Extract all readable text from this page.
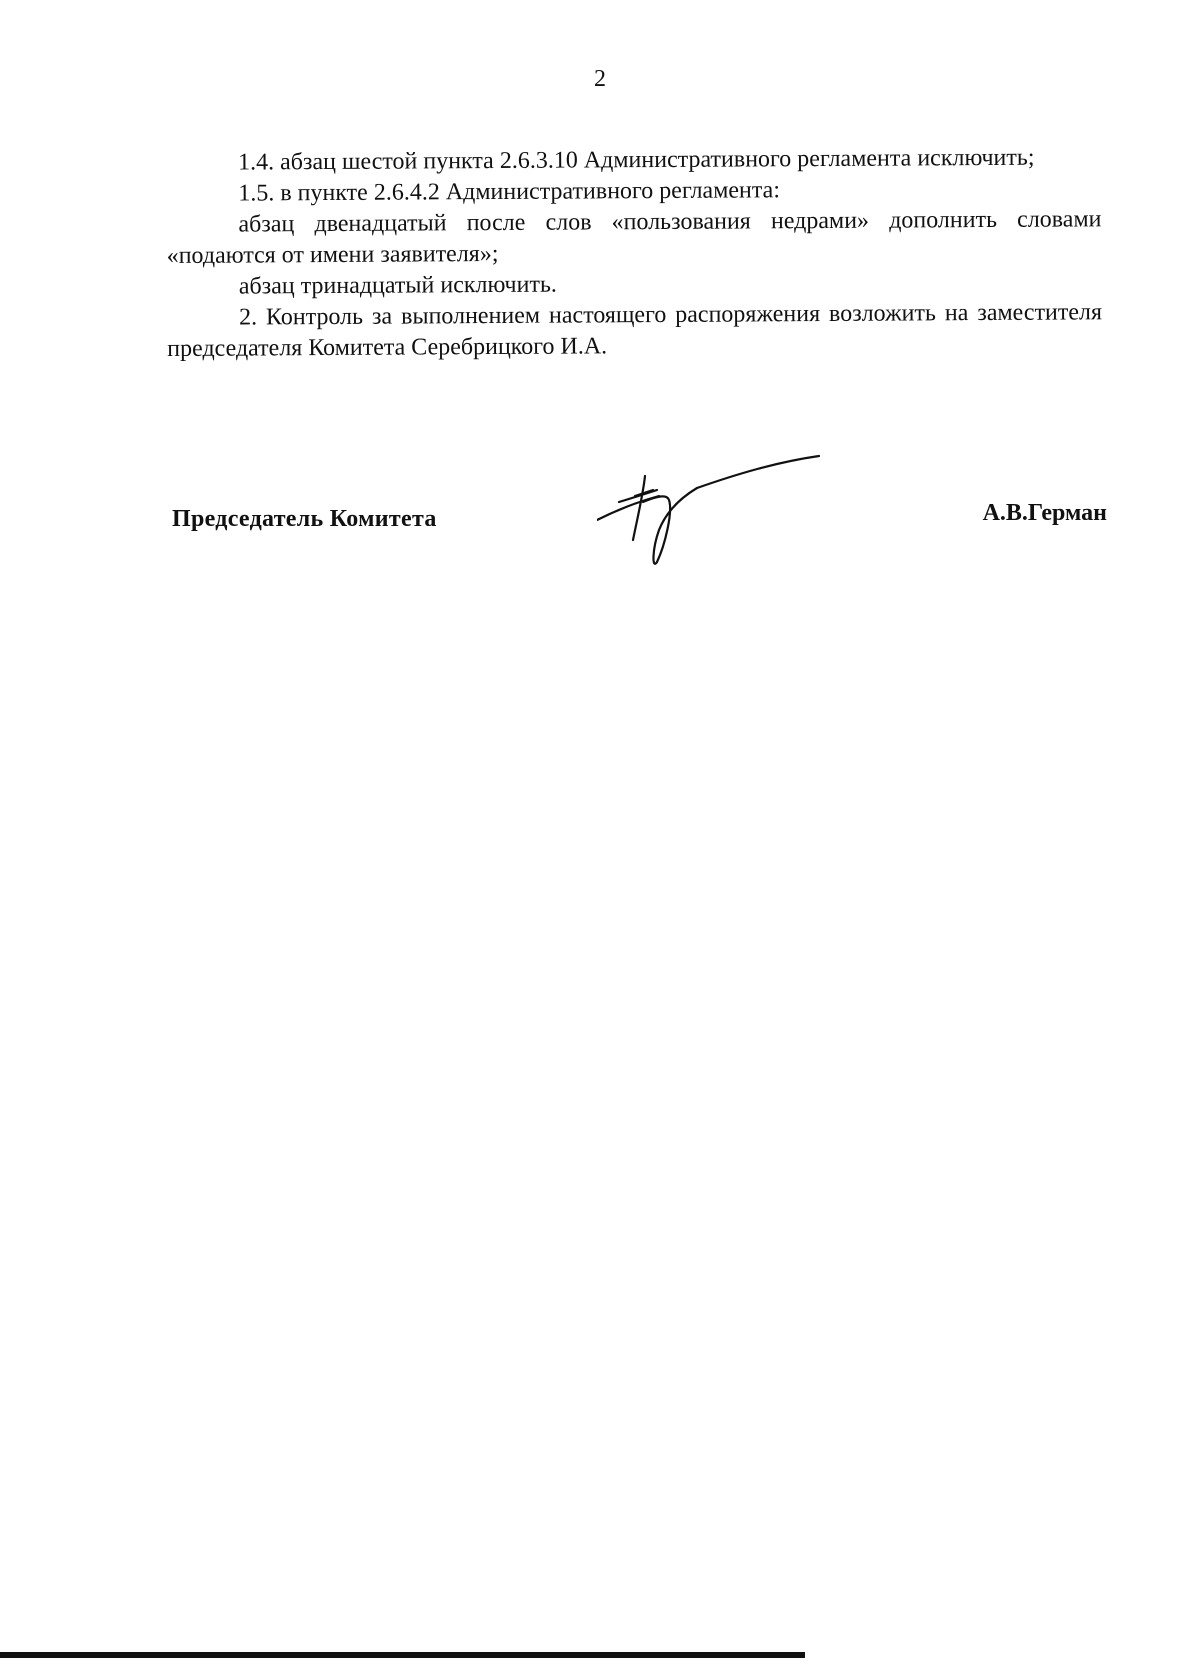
2

1.4. абзац шестой пункта 2.6.3.10 Административного регламента исключить;

1.5. в пункте 2.6.4.2 Административного регламента:

абзац двенадцатый после слов «пользования недрами» дополнить словами «подаются от имени заявителя»;

абзац тринадцатый исключить.

2. Контроль за выполнением настоящего распоряжения возложить на заместителя председателя Комитета Серебрицкого И.А.

Председатель Комитета	А.В.Герман
